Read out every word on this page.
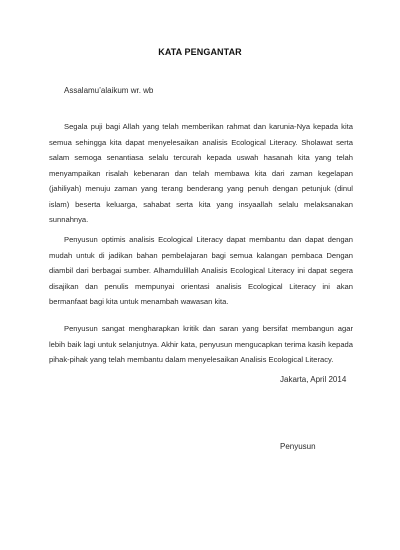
KATA PENGANTAR
Assalamu’alaikum wr. wb

Segala puji bagi Allah yang telah memberikan rahmat dan karunia-Nya kepada kita semua sehingga kita dapat menyelesaikan analisis Ecological Literacy. Sholawat serta salam semoga senantiasa selalu tercurah kepada uswah hasanah kita yang telah menyampaikan risalah kebenaran dan telah membawa kita dari zaman kegelapan (jahiliyah) menuju zaman yang terang benderang yang penuh dengan petunjuk (dinul islam) beserta keluarga, sahabat serta kita yang insyaallah selalu melaksanakan sunnahnya.

Penyusun optimis analisis Ecological Literacy dapat membantu dan dapat dengan mudah untuk di jadikan bahan pembelajaran bagi semua kalangan pembaca Dengan diambil dari berbagai sumber. Alhamdulillah Analisis Ecological Literacy ini dapat segera disajikan dan penulis mempunyai orientasi analisis Ecological Literacy ini akan bermanfaat bagi kita untuk menambah wawasan kita.

Penyusun sangat mengharapkan kritik dan saran yang bersifat membangun agar lebih baik lagi untuk selanjutnya. Akhir kata, penyusun mengucapkan terima kasih kepada pihak-pihak yang telah membantu dalam menyelesaikan Analisis Ecological Literacy.

Jakarta, April 2014
Penyusun
